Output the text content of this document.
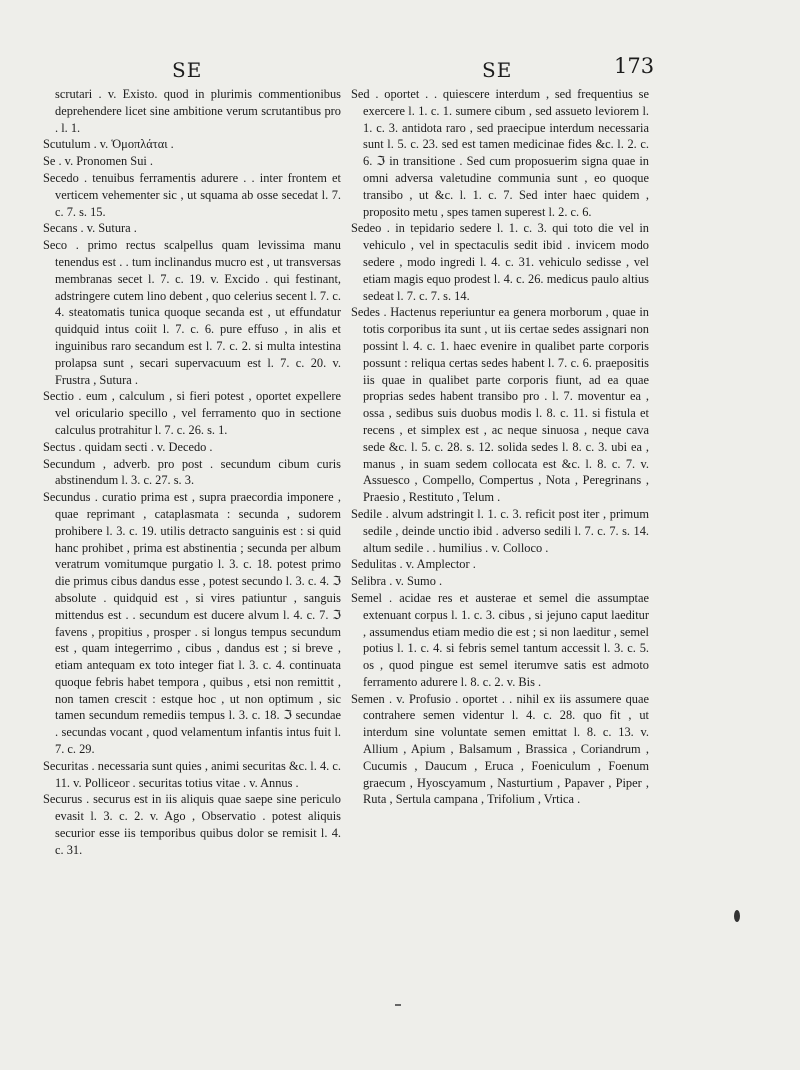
SE	SE	173

scrutari . v. Existo. quod in plurimis commentionibus deprehendere licet sine ambitione verum scrutantibus pro . l. 1.

Scutulum . v. Ὁμοπλάται .

Se . v. Pronomen Sui .

Secedo . tenuibus ferramentis adurere . . inter frontem et verticem vehementer sic , ut squama ab osse secedat l. 7. c. 7. s. 15.

Secans . v. Sutura .

Seco . primo rectus scalpellus quam levissima manu tenendus est . . tum inclinandus mucro est , ut transversas membranas secet l. 7. c. 19. v. Excido . qui festinant, adstringere cutem lino debent , quo celerius secent l. 7. c. 4. steatomatis tunica quoque secanda est , ut effundatur quidquid intus coiit l. 7. c. 6. pure effuso , in alis et inguinibus raro secandum est l. 7. c. 2. si multa intestina prolapsa sunt , secari supervacuum est l. 7. c. 20. v. Frustra , Sutura .

Sectio . eum , calculum , si fieri potest , oportet expellere vel oriculario specillo , vel ferramento quo in sectione calculus protrahitur l. 7. c. 26. s. 1.

Sectus . quidam secti . v. Decedo .

Secundum , adverb. pro post . secundum cibum curis abstinendum l. 3. c. 27. s. 3.

Secundus . curatio prima est , supra praecordia imponere , quae reprimant , cataplasmata : secunda , sudorem prohibere l. 3. c. 19. utilis detracto sanguinis est : si quid hanc prohibet , prima est abstinentia ; secunda per album veratrum vomitumque purgatio l. 3. c. 18. potest primo die primus cibus dandus esse , potest secundo l. 3. c. 4. ℑ absolute . quidquid est , si vires patiuntur , sanguis mittendus est . . secundum est ducere alvum l. 4. c. 7. ℑ favens , propitius , prosper . si longus tempus secundum est , quam integerrimo , cibus , dandus est ; si breve , etiam antequam ex toto integer fiat l. 3. c. 4. continuata quoque febris habet tempora , quibus , etsi non remittit , non tamen crescit : estque hoc , ut non optimum , sic tamen secundum remediis tempus l. 3. c. 18. ℑ secundae . secundas vocant , quod velamentum infantis intus fuit l. 7. c. 29.

Securitas . necessaria sunt quies , animi securitas &c. l. 4. c. 11. v. Polliceor . securitas totius vitae . v. Annus .

Securus . securus est in iis aliquis quae saepe sine periculo evasit l. 3. c. 2. v. Ago , Observatio . potest aliquis securior esse iis temporibus quibus dolor se remisit l. 4. c. 31.

Sed . oportet . . quiescere interdum , sed frequentius se exercere l. 1. c. 1. sumere cibum , sed assueto leviorem l. 1. c. 3. antidota raro , sed praecipue interdum necessaria sunt l. 5. c. 23. sed est tamen medicinae fides &c. l. 2. c. 6. ℑ in transitione . Sed cum proposuerim signa quae in omni adversa valetudine communia sunt , eo quoque transibo , ut &c. l. 1. c. 7. Sed inter haec quidem , proposito metu , spes tamen superest l. 2. c. 6.

Sedeo . in tepidario sedere l. 1. c. 3. qui toto die vel in vehiculo , vel in spectaculis sedit ibid . invicem modo sedere , modo ingredi l. 4. c. 31. vehiculo sedisse , vel etiam magis equo prodest l. 4. c. 26. medicus paulo altius sedeat l. 7. c. 7. s. 14.

Sedes . Hactenus reperiuntur ea genera morborum , quae in totis corporibus ita sunt , ut iis certae sedes assignari non possint l. 4. c. 1. haec evenire in qualibet parte corporis possunt : reliqua certas sedes habent l. 7. c. 6. praepositis iis quae in qualibet parte corporis fiunt, ad ea quae proprias sedes habent transibo pro . l. 7. moventur ea , ossa , sedibus suis duobus modis l. 8. c. 11. si fistula et recens , et simplex est , ac neque sinuosa , neque cava sede &c. l. 5. c. 28. s. 12. solida sedes l. 8. c. 3. ubi ea , manus , in suam sedem collocata est &c. l. 8. c. 7. v. Assuesco , Compello, Compertus , Nota , Peregrinans , Praesio , Restituto , Telum .

Sedile . alvum adstringit l. 1. c. 3. reficit post iter , primum sedile , deinde unctio ibid . adverso sedili l. 7. c. 7. s. 14. altum sedile . . humilius . v. Colloco .

Sedulitas . v. Amplector .

Selibra . v. Sumo .

Semel . acidae res et austerae et semel die assumptae extenuant corpus l. 1. c. 3. cibus , si jejuno caput laeditur , assumendus etiam medio die est ; si non laeditur , semel potius l. 1. c. 4. si febris semel tantum accessit l. 3. c. 5. os , quod pingue est semel iterumve satis est admoto ferramento adurere l. 8. c. 2. v. Bis .

Semen . v. Profusio . oportet . . nihil ex iis assumere quae contrahere semen videntur l. 4. c. 28. quo fit , ut interdum sine voluntate semen emittat l. 8. c. 13. v. Allium , Apium , Balsamum , Brassica , Coriandrum , Cucumis , Daucum , Eruca , Foeniculum , Foenum graecum , Hyoscyamum , Nasturtium , Papaver , Piper , Ruta , Sertula campana , Trifolium , Vrtica .
